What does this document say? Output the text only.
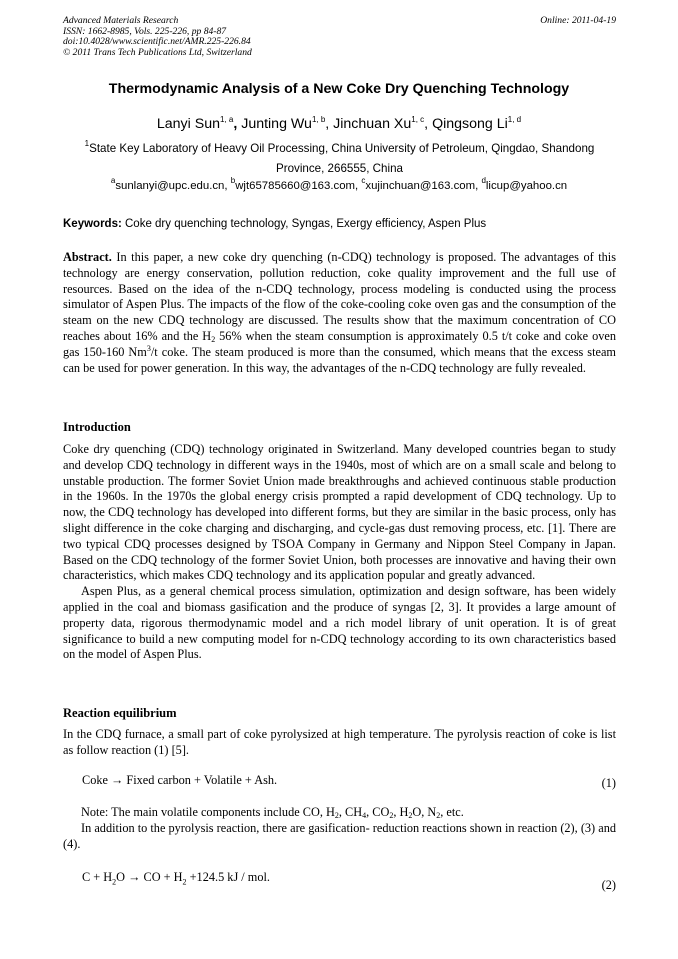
Advanced Materials Research
ISSN: 1662-8985, Vols. 225-226, pp 84-87
doi:10.4028/www.scientific.net/AMR.225-226.84
© 2011 Trans Tech Publications Ltd, Switzerland
Online: 2011-04-19
Thermodynamic Analysis of a New Coke Dry Quenching Technology
Lanyi Sun$^{1, a}$, Junting Wu$^{1, b}$, Jinchuan Xu$^{1, c}$, Qingsong Li$^{1, d}$
$^1$State Key Laboratory of Heavy Oil Processing, China University of Petroleum, Qingdao, Shandong
Province, 266555, China
$^a$sunlanyi@upc.edu.cn, $^b$wjt65785660@163.com, $^c$xujinchuan@163.com, $^d$licup@yahoo.cn
Keywords: Coke dry quenching technology, Syngas, Exergy efficiency, Aspen Plus
Abstract. In this paper, a new coke dry quenching (n-CDQ) technology is proposed. The advantages of this technology are energy conservation, pollution reduction, coke quality improvement and the full use of resources. Based on the idea of the n-CDQ technology, process modeling is conducted using the process simulator of Aspen Plus. The impacts of the flow of the coke-cooling coke oven gas and the consumption of the steam on the new CDQ technology are discussed. The results show that the maximum concentration of CO reaches about 16% and the $H_2$ 56% when the steam consumption is approximately 0.5 t/t coke and coke oven gas 150-160 Nm$^3$/t coke. The steam produced is more than the consumed, which means that the excess steam can be used for power generation. In this way, the advantages of the n-CDQ technology are fully revealed.
Introduction

Coke dry quenching (CDQ) technology originated in Switzerland. Many developed countries began to study and develop CDQ technology in different ways in the 1940s, most of which are on a small scale and belong to unstable production. The former Soviet Union made breakthroughs and achieved continuous stable production in the 1960s. In the 1970s the global energy crisis prompted a rapid development of CDQ technology. Up to now, the CDQ technology has developed into different forms, but they are similar in the basic process, only has slight difference in the coke charging and discharging, and cycle-gas dust removing process, etc. [1]. There are two typical CDQ processes designed by TSOA Company in Germany and Nippon Steel Company in Japan. Based on the CDQ technology of the former Soviet Union, both processes are innovative and having their own characteristics, which makes CDQ technology and its application popular and greatly advanced.

Aspen Plus, as a general chemical process simulation, optimization and design software, has been widely applied in the coal and biomass gasification and the produce of syngas [2, 3]. It provides a large amount of property data, rigorous thermodynamic model and a rich model library of unit operation. It is of great significance to build a new computing model for n-CDQ technology according to its own characteristics based on the model of Aspen Plus.

Reaction equilibrium

In the CDQ furnace, a small part of coke pyrolysized at high temperature. The pyrolysis reaction of coke is list as follow reaction (1) [5].

Coke → Fixed carbon + Volatile + Ash.	(1)

Note: The main volatile components include CO, $H_2$, $CH_4$, $CO_2$, $H_2O$, $N_2$, etc.

In addition to the pyrolysis reaction, there are gasification- reduction reactions shown in reaction (2), (3) and (4).

$C + H_2O$ → CO + $H_2 +124.5$ kJ / mol.
(2)
